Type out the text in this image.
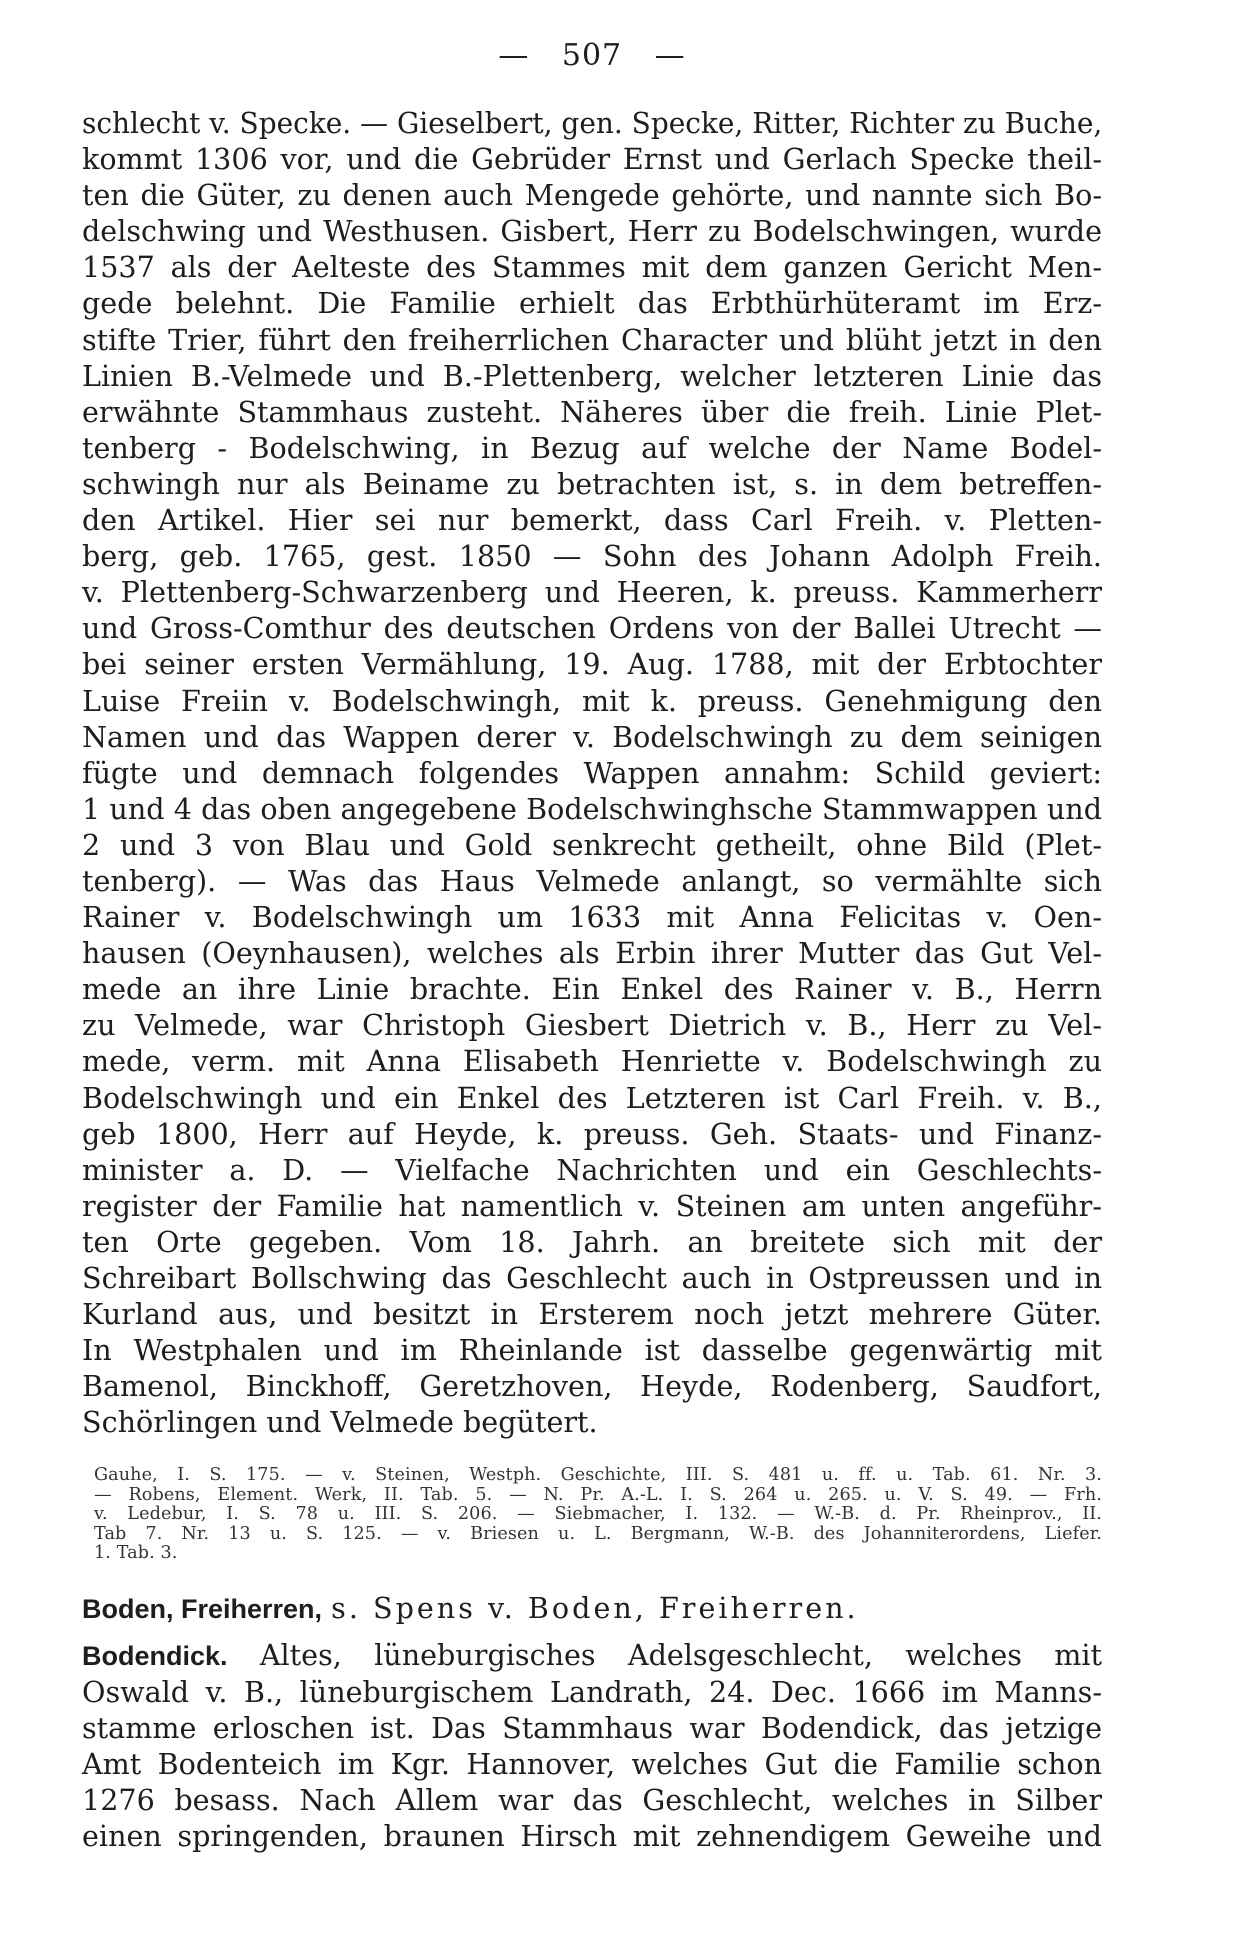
— 507 —
schlecht v. Specke. — Gieselbert, gen. Specke, Ritter, Richter zu Buche,
kommt 1306 vor, und die Gebrüder Ernst und Gerlach Specke theil-
ten die Güter, zu denen auch Mengede gehörte, und nannte sich Bo-
delschwing und Westhusen. Gisbert, Herr zu Bodelschwingen, wurde
1537 als der Aelteste des Stammes mit dem ganzen Gericht Men-
gede belehnt. Die Familie erhielt das Erbthürhüteramt im Erz-
stifte Trier, führt den freiherrlichen Character und blüht jetzt in den
Linien B.-Velmede und B.-Plettenberg, welcher letzteren Linie das
erwähnte Stammhaus zusteht. Näheres über die freih. Linie Plet-
tenberg - Bodelschwing, in Bezug auf welche der Name Bodel-
schwingh nur als Beiname zu betrachten ist, s. in dem betreffen-
den Artikel. Hier sei nur bemerkt, dass Carl Freih. v. Pletten-
berg, geb. 1765, gest. 1850 — Sohn des Johann Adolph Freih.
v. Plettenberg-Schwarzenberg und Heeren, k. preuss. Kammerherr
und Gross-Comthur des deutschen Ordens von der Ballei Utrecht —
bei seiner ersten Vermählung, 19. Aug. 1788, mit der Erbtochter
Luise Freiin v. Bodelschwingh, mit k. preuss. Genehmigung den
Namen und das Wappen derer v. Bodelschwingh zu dem seinigen
fügte und demnach folgendes Wappen annahm: Schild geviert:
1 und 4 das oben angegebene Bodelschwinghsche Stammwappen und
2 und 3 von Blau und Gold senkrecht getheilt, ohne Bild (Plet-
tenberg). — Was das Haus Velmede anlangt, so vermählte sich
Rainer v. Bodelschwingh um 1633 mit Anna Felicitas v. Oen-
hausen (Oeynhausen), welches als Erbin ihrer Mutter das Gut Vel-
mede an ihre Linie brachte. Ein Enkel des Rainer v. B., Herrn
zu Velmede, war Christoph Giesbert Dietrich v. B., Herr zu Vel-
mede, verm. mit Anna Elisabeth Henriette v. Bodelschwingh zu
Bodelschwingh und ein Enkel des Letzteren ist Carl Freih. v. B.,
geb 1800, Herr auf Heyde, k. preuss. Geh. Staats- und Finanz-
minister a. D. — Vielfache Nachrichten und ein Geschlechts-
register der Familie hat namentlich v. Steinen am unten angeführ-
ten Orte gegeben. Vom 18. Jahrh. an breitete sich mit der
Schreibart Bollschwing das Geschlecht auch in Ostpreussen und in
Kurland aus, und besitzt in Ersterem noch jetzt mehrere Güter.
In Westphalen und im Rheinlande ist dasselbe gegenwärtig mit
Bamenol, Binckhoff, Geretzhoven, Heyde, Rodenberg, Saudfort,
Schörlingen und Velmede begütert.
Gauhe, I. S. 175. — v. Steinen, Westph. Geschichte, III. S. 481 u. ff. u. Tab. 61. Nr. 3.
— Robens, Element. Werk, II. Tab. 5. — N. Pr. A.-L. I. S. 264 u. 265. u. V. S. 49. — Frh.
v. Ledebur, I. S. 78 u. III. S. 206. — Siebmacher, I. 132. — W.-B. d. Pr. Rheinprov., II.
Tab 7. Nr. 13 u. S. 125. — v. Briesen u. L. Bergmann, W.-B. des Johanniterordens, Liefer.
1. Tab. 3.
Boden, Freiherren, s. Spens v. Boden, Freiherren.
Bodendick. Altes, lüneburgisches Adelsgeschlecht, welches mit
Oswald v. B., lüneburgischem Landrath, 24. Dec. 1666 im Manns-
stamme erloschen ist. Das Stammhaus war Bodendick, das jetzige
Amt Bodenteich im Kgr. Hannover, welches Gut die Familie schon
1276 besass. Nach Allem war das Geschlecht, welches in Silber
einen springenden, braunen Hirsch mit zehnendigem Geweihe und
